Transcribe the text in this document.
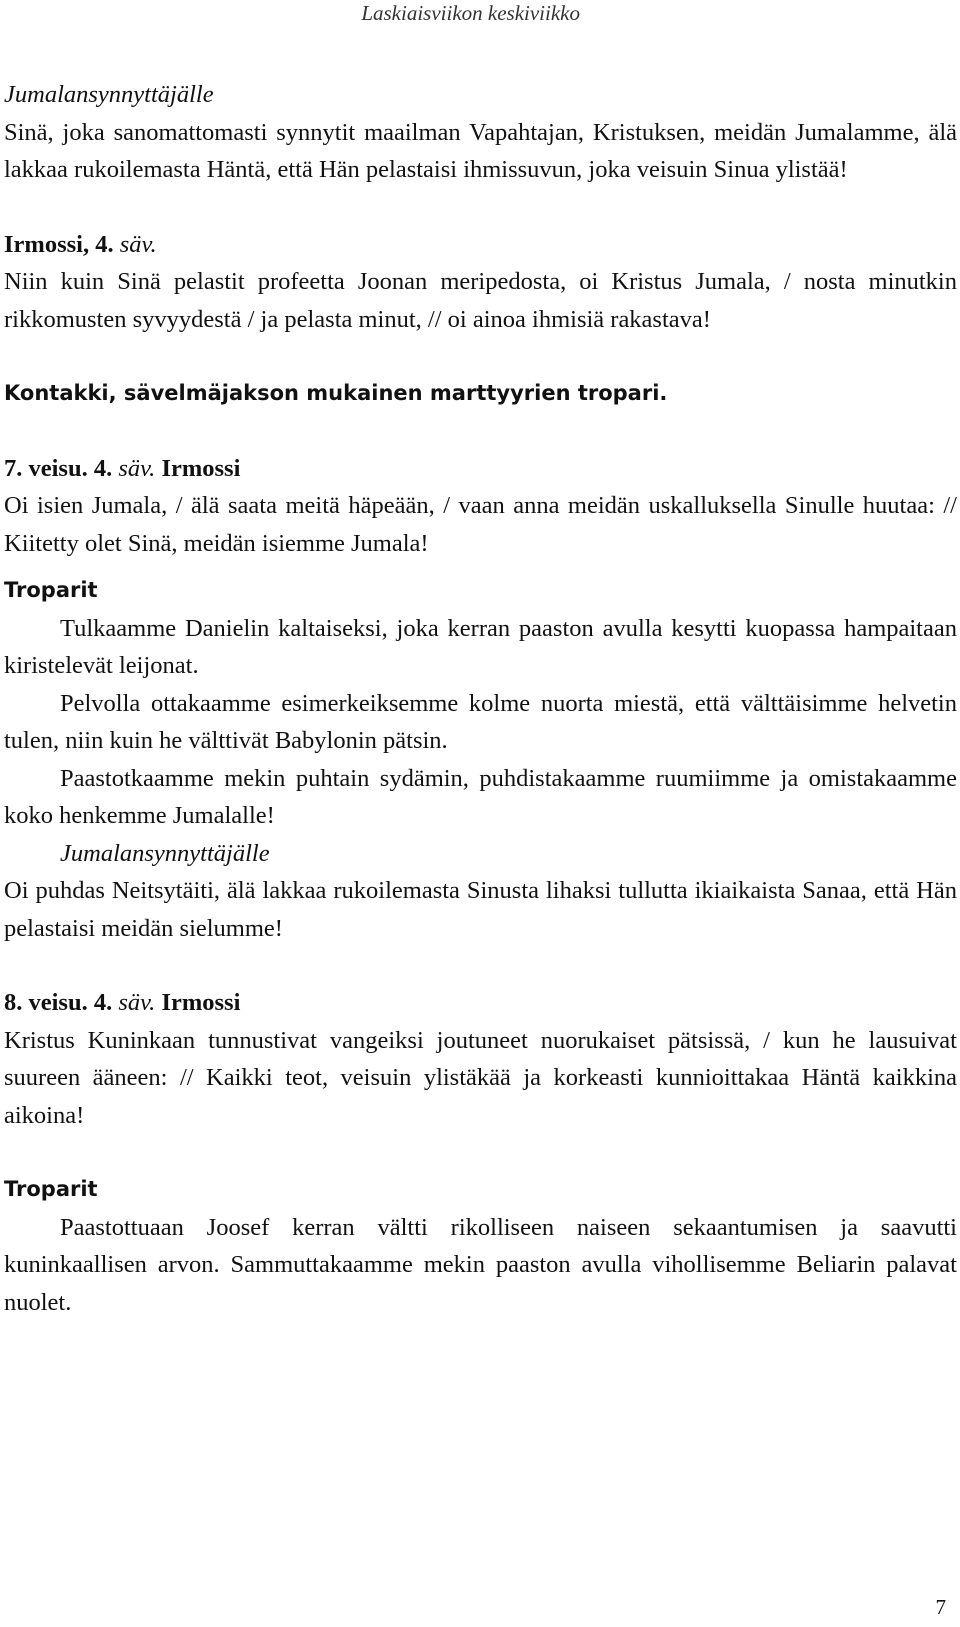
Laskiaisviikon keskiviikko

Jumalansynnyttäjälle

Sinä, joka sanomattomasti synnytit maailman Vapahtajan, Kristuksen, meidän Jumalamme, älä lakkaa rukoilemasta Häntä, että Hän pelastaisi ihmissuvun, joka veisuin Sinua ylistää!

Irmossi, 4. säv.

Niin kuin Sinä pelastit profeetta Joonan meripedosta, oi Kristus Jumala, / nosta minutkin rikkomusten syvyydestä / ja pelasta minut, // oi ainoa ihmisiä rakastava!

Kontakki, sävelmäjakson mukainen marttyyrien tropari.

7. veisu. 4. säv. Irmossi

Oi isien Jumala, / älä saata meitä häpeään, / vaan anna meidän uskalluksella Sinulle huutaa: // Kiitetty olet Sinä, meidän isiemme Jumala!

Troparit

Tulkaamme Danielin kaltaiseksi, joka kerran paaston avulla kesytti kuopassa hampaitaan kiristelevät leijonat.

Pelvolla ottakaamme esimerkeiksemme kolme nuorta miestä, että välttäisimme helvetin tulen, niin kuin he välttivät Babylonin pätsin.

Paastotkaamme mekin puhtain sydämin, puhdistakaamme ruumiimme ja omistakaamme koko henkemme Jumalalle!

Jumalansynnyttäjälle

Oi puhdas Neitsytäiti, älä lakkaa rukoilemasta Sinusta lihaksi tullutta ikiaikaista Sanaa, että Hän pelastaisi meidän sielumme!

8. veisu. 4. säv. Irmossi

Kristus Kuninkaan tunnustivat vangeiksi joutuneet nuorukaiset pätsissä, / kun he lausuivat suureen ääneen: // Kaikki teot, veisuin ylistäkää ja korkeasti kunnioittakaa Häntä kaikkina aikoina!

Troparit

Paastottuaan Joosef kerran vältti rikolliseen naiseen sekaantumisen ja saavutti kuninkaallisen arvon. Sammuttakaamme mekin paaston avulla vihollisemme Beliarin palavat nuolet.

7
